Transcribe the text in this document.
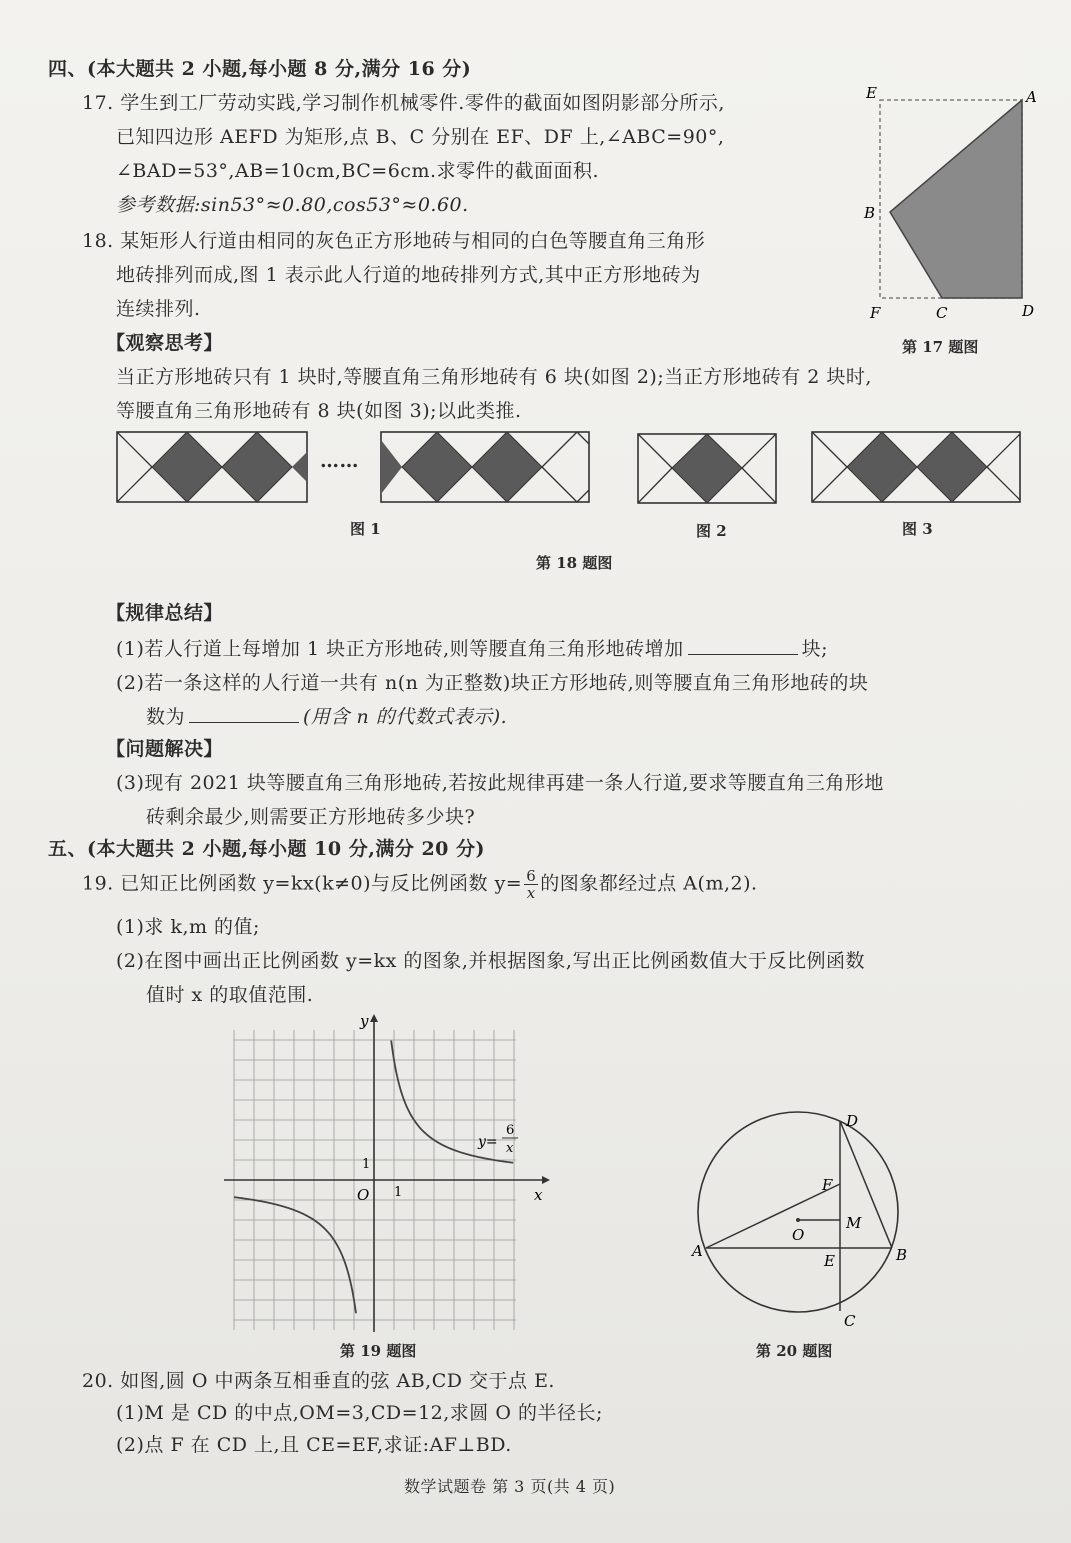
四、(本大题共 2 小题,每小题 8 分,满分 16 分)
17. 学生到工厂劳动实践,学习制作机械零件.零件的截面如图阴影部分所示,
已知四边形 AEFD 为矩形,点 B、C 分别在 EF、DF 上,∠ABC=90°,
∠BAD=53°,AB=10cm,BC=6cm.求零件的截面面积.
参考数据:sin53°≈0.80,cos53°≈0.60.
E	A
B
F	C	D
第 17 题图
18. 某矩形人行道由相同的灰色正方形地砖与相同的白色等腰直角三角形
地砖排列而成,图 1 表示此人行道的地砖排列方式,其中正方形地砖为
连续排列.
【观察思考】
当正方形地砖只有 1 块时,等腰直角三角形地砖有 6 块(如图 2);当正方形地砖有 2 块时,
等腰直角三角形地砖有 8 块(如图 3);以此类推.
……
图 1	图 2	图 3
第 18 题图
【规律总结】
(1)若人行道上每增加 1 块正方形地砖,则等腰直角三角形地砖增加	块;
(2)若一条这样的人行道一共有 n(n 为正整数)块正方形地砖,则等腰直角三角形地砖的块
数为	(用含 n 的代数式表示).
【问题解决】
(3)现有 2021 块等腰直角三角形地砖,若按此规律再建一条人行道,要求等腰直角三角形地
砖剩余最少,则需要正方形地砖多少块?
五、(本大题共 2 小题,每小题 10 分,满分 20 分)
19. 已知正比例函数 y=kx(k≠0)与反比例函数 $y= \frac{6}{x}$ 的图象都经过点 A(m,2).
(1)求 k,m 的值;
(2)在图中画出正比例函数 y=kx 的图象,并根据图象,写出正比例函数值大于反比例函数
值时 x 的取值范围.
y
x
O 1
1
y=
6
x
第 19 题图
D
F
M
O
A
E	B
C
第 20 题图
20. 如图,圆 O 中两条互相垂直的弦 AB,CD 交于点 E.
(1)M 是 CD 的中点,OM=3,CD=12,求圆 O 的半径长;
(2)点 F 在 CD 上,且 CE=EF,求证:AF⊥BD.
数学试题卷 第 3 页(共 4 页)
